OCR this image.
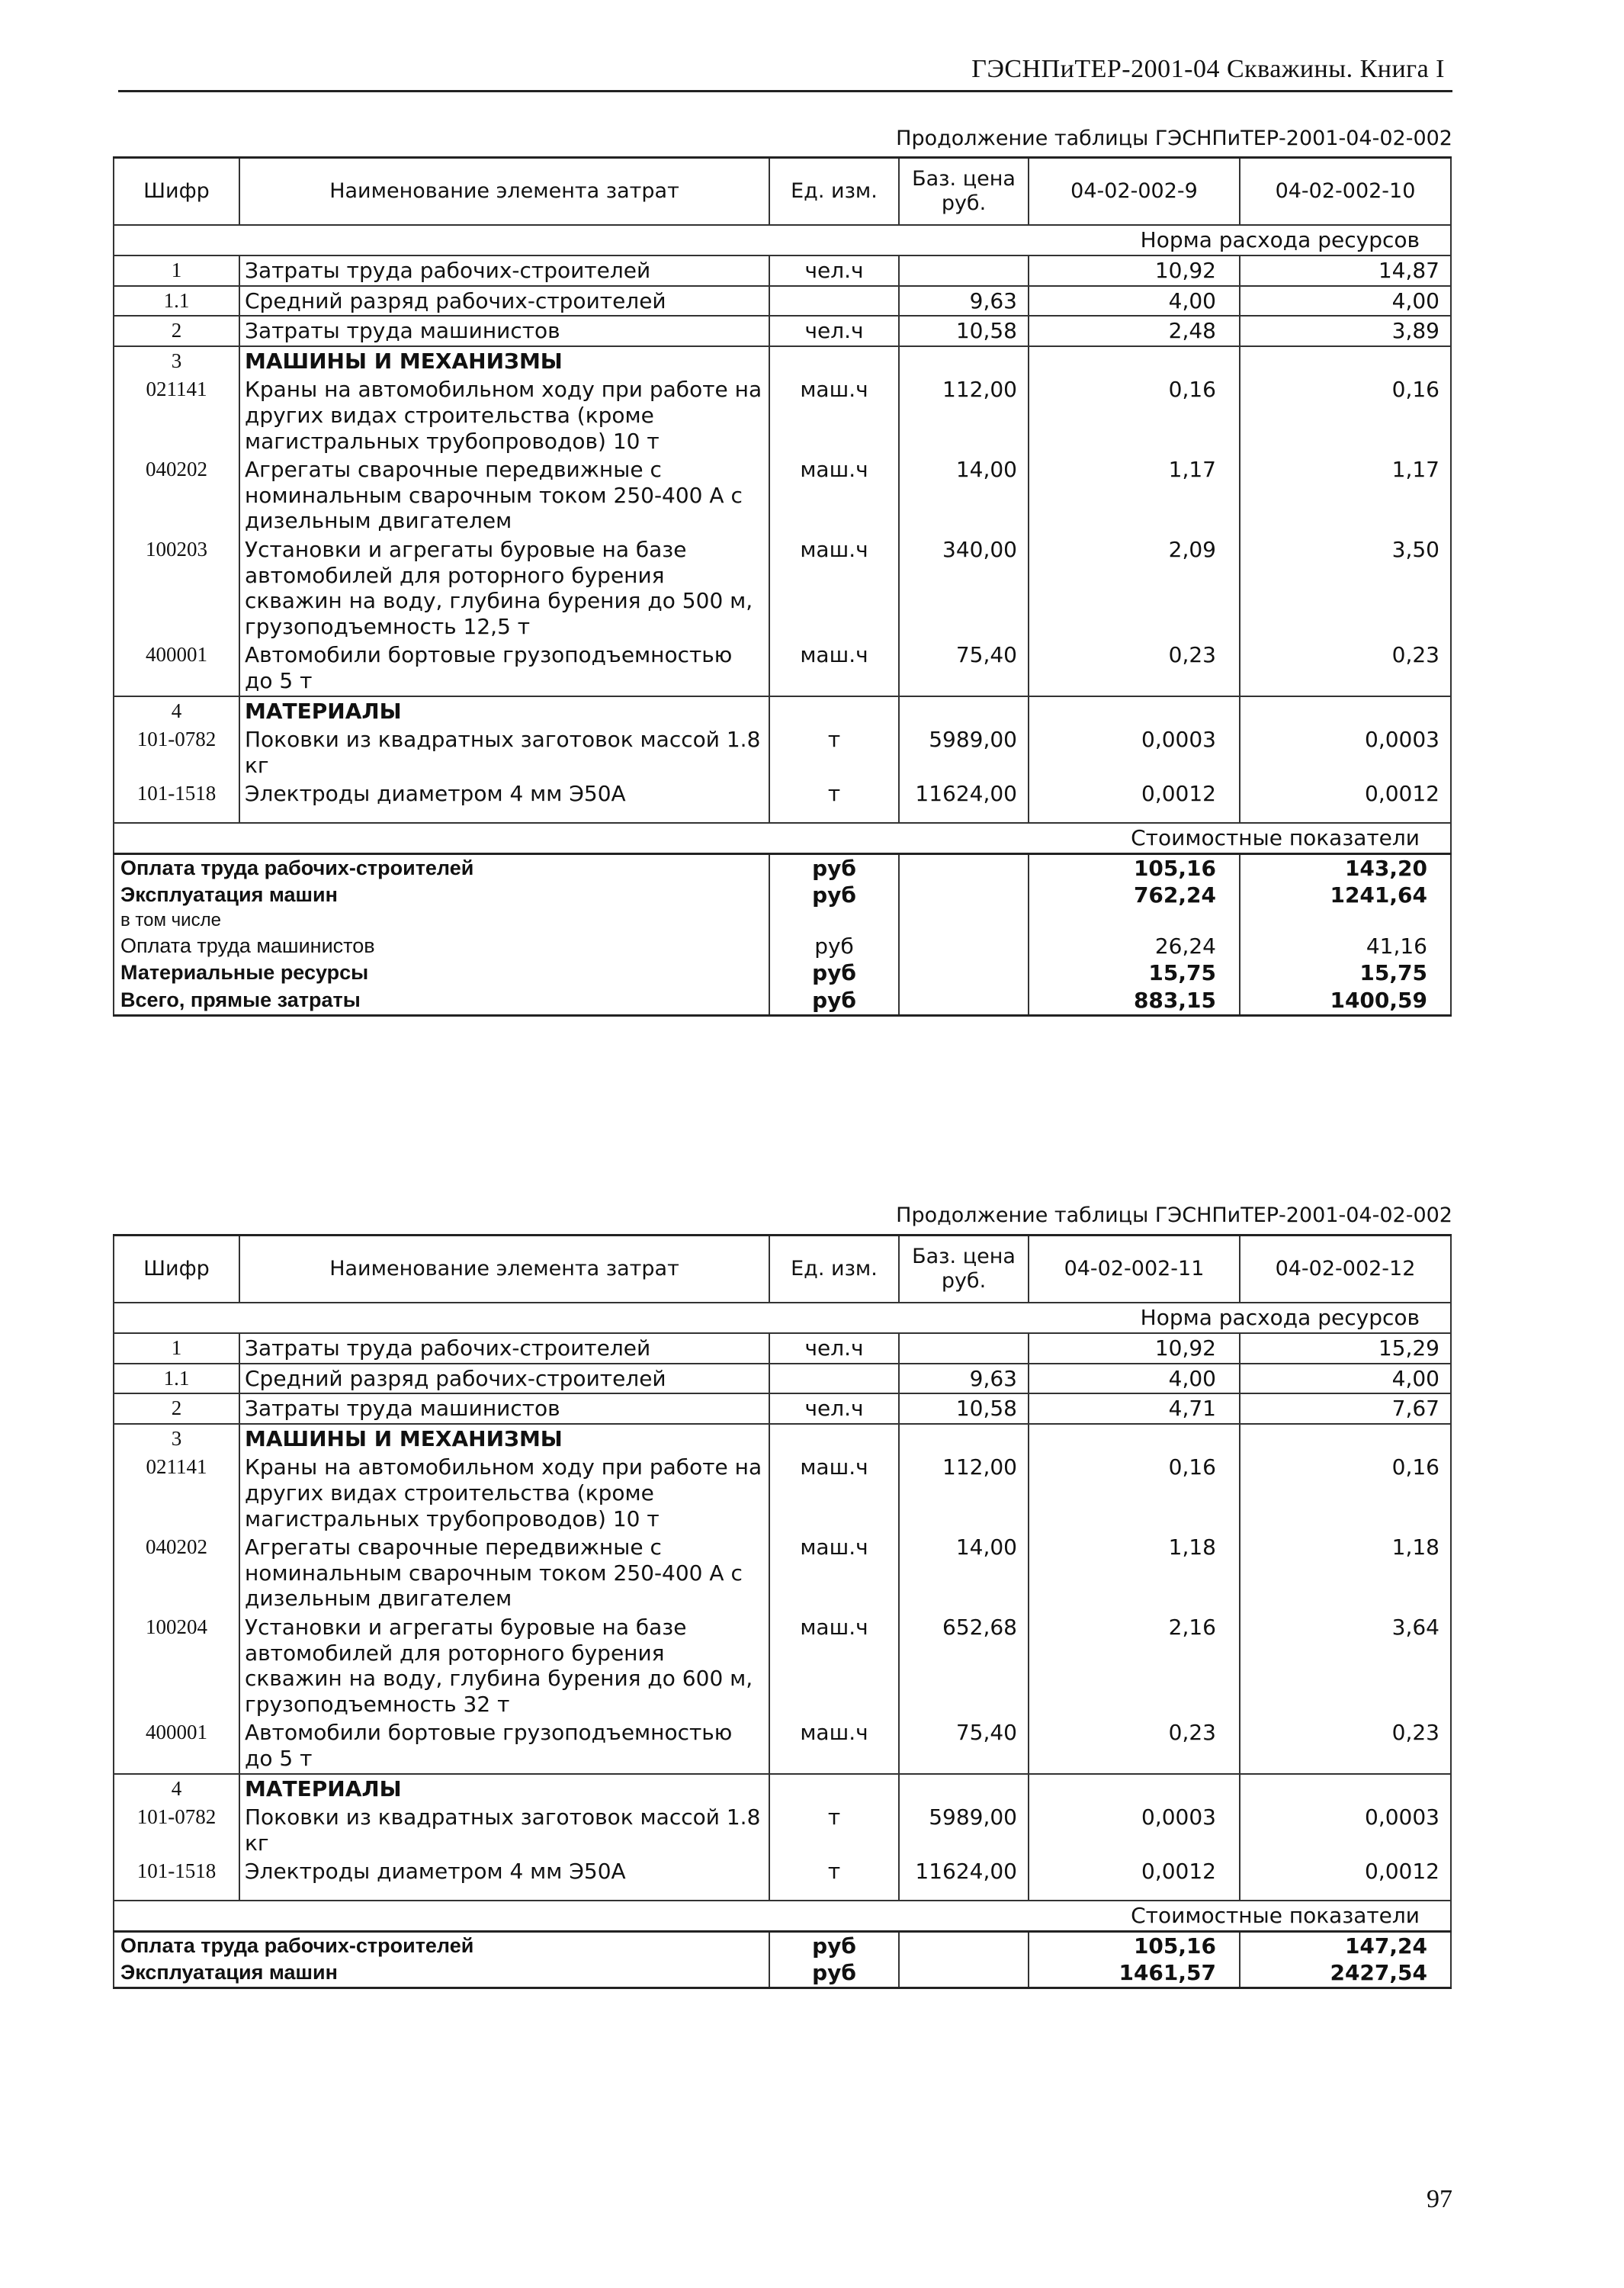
ГЭСНПиТЕР-2001-04 Скважины. Книга I
Продолжение таблицы ГЭСНПиТЕР-2001-04-02-002
Шифр	Наименование элемента затрат	Ед. изм.	Баз. цена руб.	04-02-002-9	04-02-002-10
				Норма расхода ресурсов	
1	Затраты труда рабочих-строителей	чел.ч		10,92	14,87
1.1	Средний разряд рабочих-строителей		9,63	4,00	4,00
2	Затраты труда машинистов	чел.ч	10,58	2,48	3,89
3	МАШИНЫ И МЕХАНИЗМЫ				
021141	Краны на автомобильном ходу при работе на других видах строительства (кроме магистральных трубопроводов) 10 т	маш.ч	112,00	0,16	0,16
040202	Агрегаты сварочные передвижные с номинальным сварочным током 250-400 А с дизельным двигателем	маш.ч	14,00	1,17	1,17
100203	Установки и агрегаты буровые на базе автомобилей для роторного бурения скважин на воду, глубина бурения до 500 м, грузоподъемность 12,5 т	маш.ч	340,00	2,09	3,50
400001	Автомобили бортовые грузоподъемностью до 5 т	маш.ч	75,40	0,23	0,23
4	МАТЕРИАЛЫ				
101-0782	Поковки из квадратных заготовок массой 1.8 кг	т	5989,00	0,0003	0,0003
101-1518	Электроды диаметром 4 мм Э50А	т	11624,00	0,0012	0,0012

				Стоимостные показатели	
Оплата труда рабочих-строителей		руб		105,16	143,20
Эксплуатация машин		руб		762,24	1241,64
в том числе					
Оплата труда машинистов		руб		26,24	41,16
Материальные ресурсы		руб		15,75	15,75
Всего, прямые затраты		руб		883,15	1400,59
Продолжение таблицы ГЭСНПиТЕР-2001-04-02-002
Шифр	Наименование элемента затрат	Ед. изм.	Баз. цена руб.	04-02-002-11	04-02-002-12
				Норма расхода ресурсов	
1	Затраты труда рабочих-строителей	чел.ч		10,92	15,29
1.1	Средний разряд рабочих-строителей		9,63	4,00	4,00
2	Затраты труда машинистов	чел.ч	10,58	4,71	7,67
3	МАШИНЫ И МЕХАНИЗМЫ				
021141	Краны на автомобильном ходу при работе на других видах строительства (кроме магистральных трубопроводов) 10 т	маш.ч	112,00	0,16	0,16
040202	Агрегаты сварочные передвижные с номинальным сварочным током 250-400 А с дизельным двигателем	маш.ч	14,00	1,18	1,18
100204	Установки и агрегаты буровые на базе автомобилей для роторного бурения скважин на воду, глубина бурения до 600 м, грузоподъемность 32 т	маш.ч	652,68	2,16	3,64
400001	Автомобили бортовые грузоподъемностью до 5 т	маш.ч	75,40	0,23	0,23
4	МАТЕРИАЛЫ				
101-0782	Поковки из квадратных заготовок массой 1.8 кг	т	5989,00	0,0003	0,0003
101-1518	Электроды диаметром 4 мм Э50А	т	11624,00	0,0012	0,0012

				Стоимостные показатели	
Оплата труда рабочих-строителей		руб		105,16	147,24
Эксплуатация машин		руб		1461,57	2427,54
97
